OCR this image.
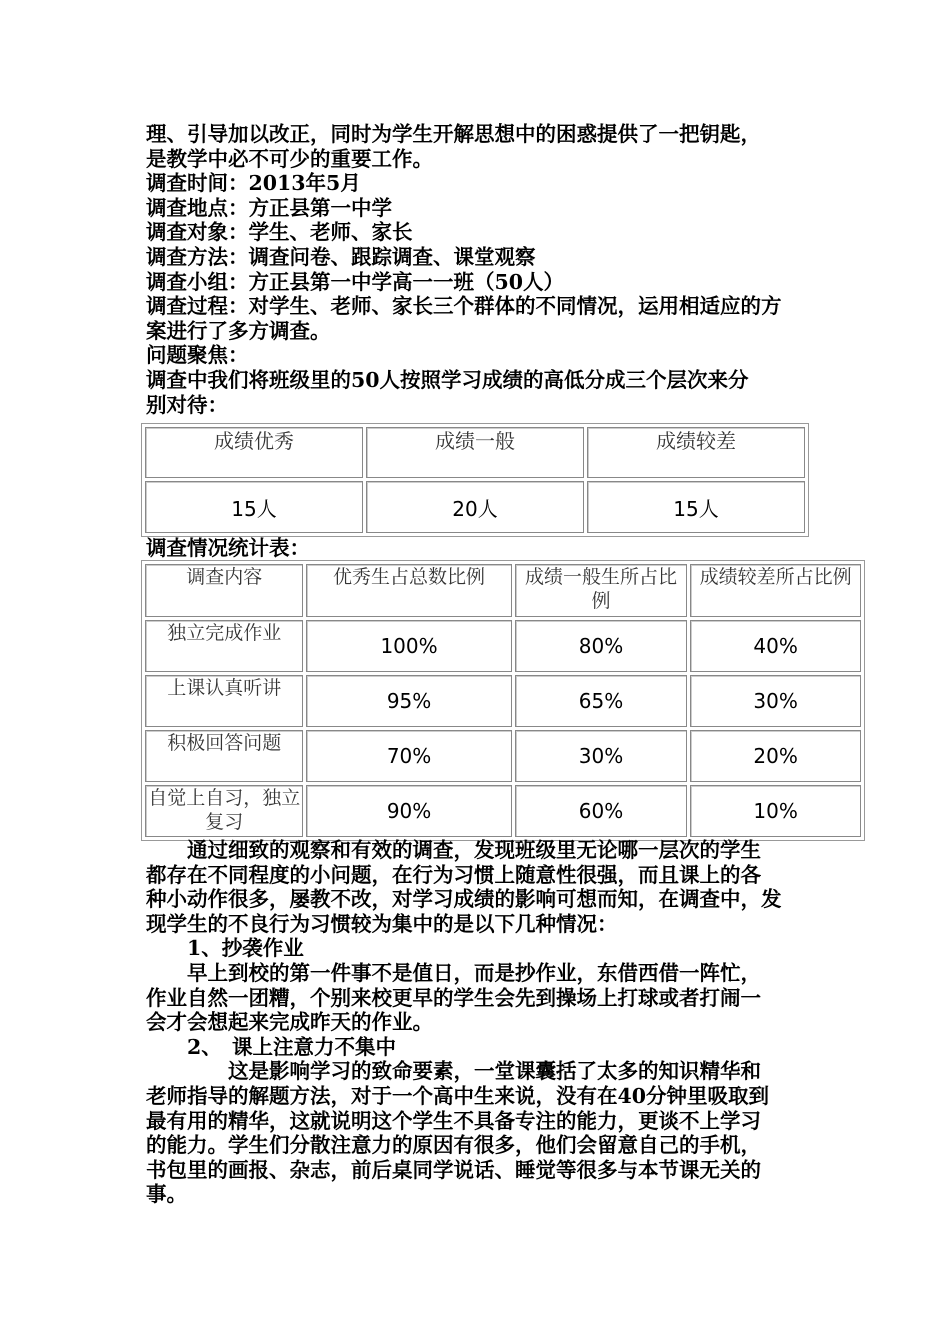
理、引导加以改正，同时为学生开解思想中的困惑提供了一把钥匙，

是教学中必不可少的重要工作。

调查时间：2013年5月

调查地点：方正县第一中学

调查对象：学生、老师、家长

调查方法：调查问卷、跟踪调查、课堂观察

调查小组：方正县第一中学高一一班（50人）

调查过程：对学生、老师、家长三个群体的不同情况，运用相适应的方

案进行了多方调查。

问题聚焦：

调查中我们将班级里的50人按照学习成绩的高低分成三个层次来分

别对待：

成绩优秀	成绩一般	成绩较差
15人	20人	15人

调查情况统计表：

调查内容	优秀生占总数比例	成绩一般生所占比例	成绩较差所占比例
独立完成作业	100%	80%	40%
上课认真听讲	95%	65%	30%
积极回答问题	70%	30%	20%
自觉上自习，独立复习	90%	60%	10%

通过细致的观察和有效的调查，发现班级里无论哪一层次的学生

都存在不同程度的小问题，在行为习惯上随意性很强，而且课上的各

种小动作很多，屡教不改，对学习成绩的影响可想而知，在调查中，发

现学生的不良行为习惯较为集中的是以下几种情况：

1、抄袭作业

早上到校的第一件事不是值日，而是抄作业，东借西借一阵忙，

作业自然一团糟，个别来校更早的学生会先到操场上打球或者打闹一

会才会想起来完成昨天的作业。

2、　课上注意力不集中

这是影响学习的致命要素，一堂课囊括了太多的知识精华和

老师指导的解题方法，对于一个高中生来说，没有在40分钟里吸取到

最有用的精华，这就说明这个学生不具备专注的能力，更谈不上学习

的能力。学生们分散注意力的原因有很多，他们会留意自己的手机，

书包里的画报、杂志，前后桌同学说话、睡觉等很多与本节课无关的

事。
